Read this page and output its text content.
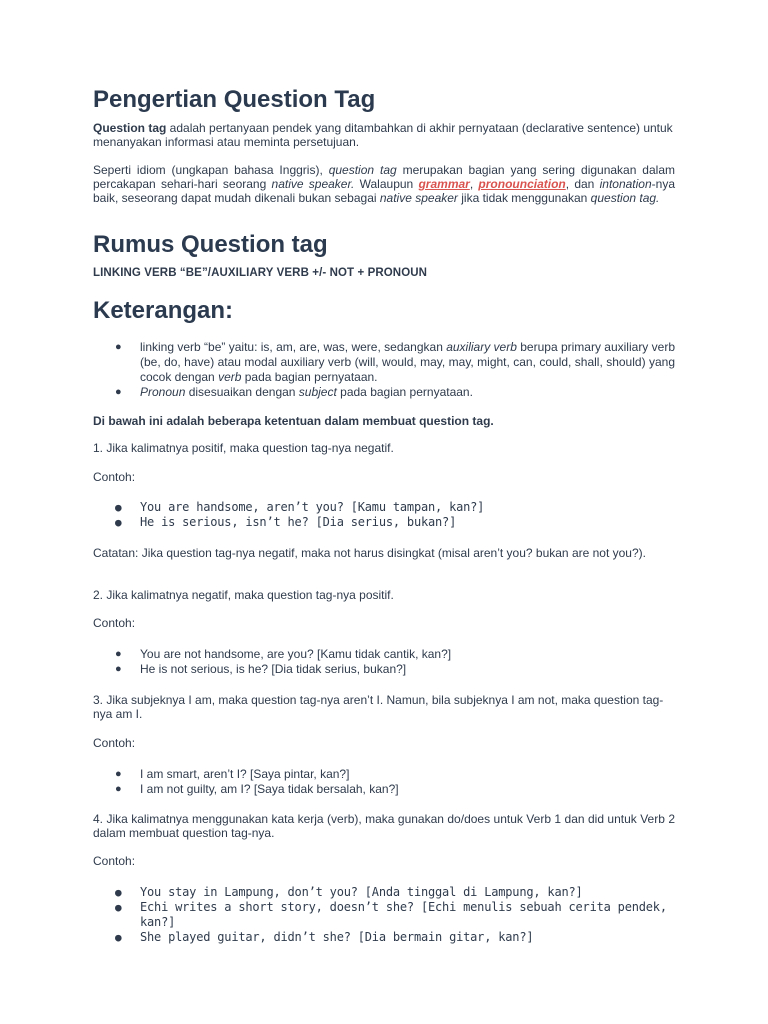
Pengertian Question Tag

Question tag adalah pertanyaan pendek yang ditambahkan di akhir pernyataan (declarative sentence) untuk menanyakan informasi atau meminta persetujuan.

Seperti idiom (ungkapan bahasa Inggris), question tag merupakan bagian yang sering digunakan dalam percakapan sehari-hari seorang native speaker. Walaupun grammar, pronounciation, dan intonation-nya baik, seseorang dapat mudah dikenali bukan sebagai native speaker jika tidak menggunakan question tag.

Rumus Question tag

LINKING VERB “BE”/AUXILIARY VERB +/- NOT + PRONOUN

Keterangan:
● linking verb “be” yaitu: is, am, are, was, were, sedangkan auxiliary verb berupa primary auxiliary verb (be, do, have) atau modal auxiliary verb (will, would, may, may, might, can, could, shall, should) yang cocok dengan verb pada bagian pernyataan.
● Pronoun disesuaikan dengan subject pada bagian pernyataan.

Di bawah ini adalah beberapa ketentuan dalam membuat question tag.

1. Jika kalimatnya positif, maka question tag-nya negatif.

Contoh:

● You are handsome, aren’t you? [Kamu tampan, kan?]
● He is serious, isn’t he? [Dia serius, bukan?]

Catatan: Jika question tag-nya negatif, maka not harus disingkat (misal aren’t you? bukan are not you?).

2. Jika kalimatnya negatif, maka question tag-nya positif.

Contoh:

● You are not handsome, are you? [Kamu tidak cantik, kan?]
● He is not serious, is he? [Dia tidak serius, bukan?]

3. Jika subjeknya I am, maka question tag-nya aren’t I. Namun, bila subjeknya I am not, maka question tag-nya am I.

Contoh:

● I am smart, aren’t I? [Saya pintar, kan?]
● I am not guilty, am I? [Saya tidak bersalah, kan?]

4. Jika kalimatnya menggunakan kata kerja (verb), maka gunakan do/does untuk Verb 1 dan did untuk Verb 2 dalam membuat question tag-nya.

Contoh:

● You stay in Lampung, don’t you? [Anda tinggal di Lampung, kan?]
● Echi writes a short story, doesn’t she? [Echi menulis sebuah cerita pendek, kan?]
● She played guitar, didn’t she? [Dia bermain gitar, kan?]
